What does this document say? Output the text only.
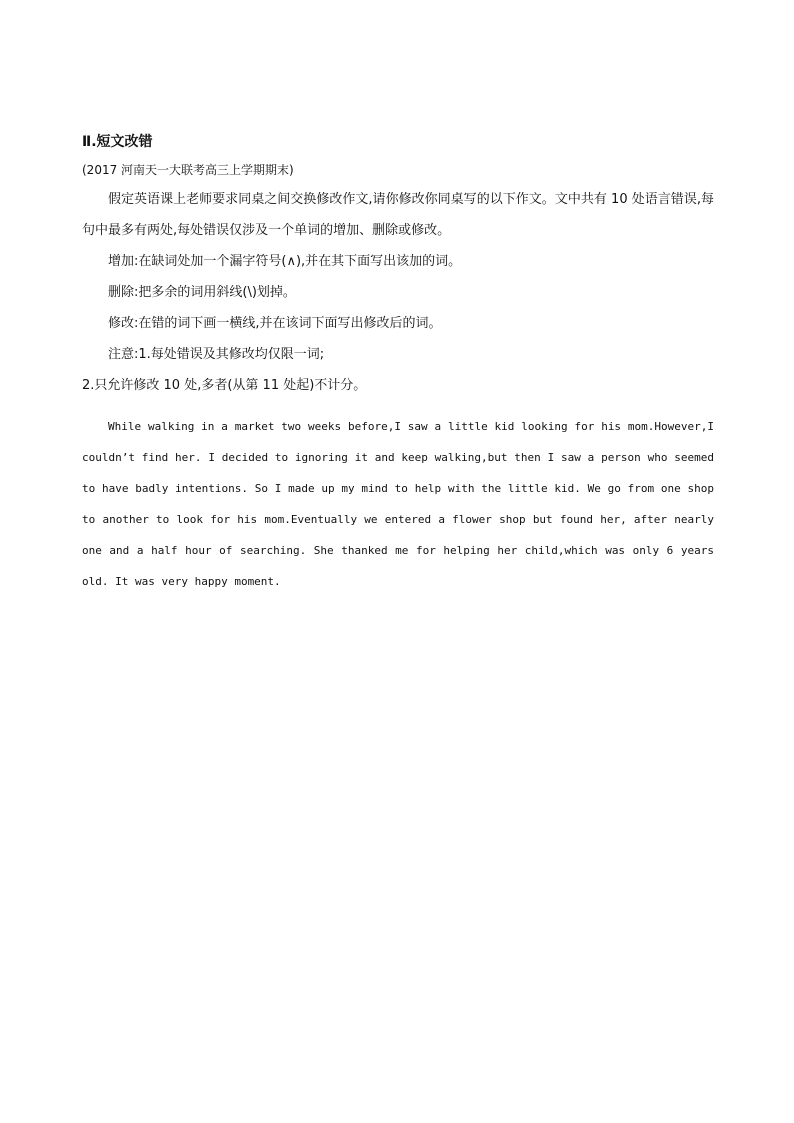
Ⅱ.短文改错
(2017 河南天一大联考高三上学期期末)

假定英语课上老师要求同桌之间交换修改作文,请你修改你同桌写的以下作文。文中共有 10 处语言错误,每句中最多有两处,每处错误仅涉及一个单词的增加、删除或修改。

增加:在缺词处加一个漏字符号(∧),并在其下面写出该加的词。

删除:把多余的词用斜线(\)划掉。

修改:在错的词下画一横线,并在该词下面写出修改后的词。

注意:1.每处错误及其修改均仅限一词;

2.只允许修改 10 处,多者(从第 11 处起)不计分。

While walking in a market two weeks before,I saw a little kid looking for his mom.However,I couldn’t find her. I decided to ignoring it and keep walking,but then I saw a person who seemed to have badly intentions. So I made up my mind to help with the little kid. We go from one shop to another to look for his mom.Eventually we entered a flower shop but found her, after nearly one and a half hour of searching. She thanked me for helping her child,which was only 6 years old. It was very happy moment.
